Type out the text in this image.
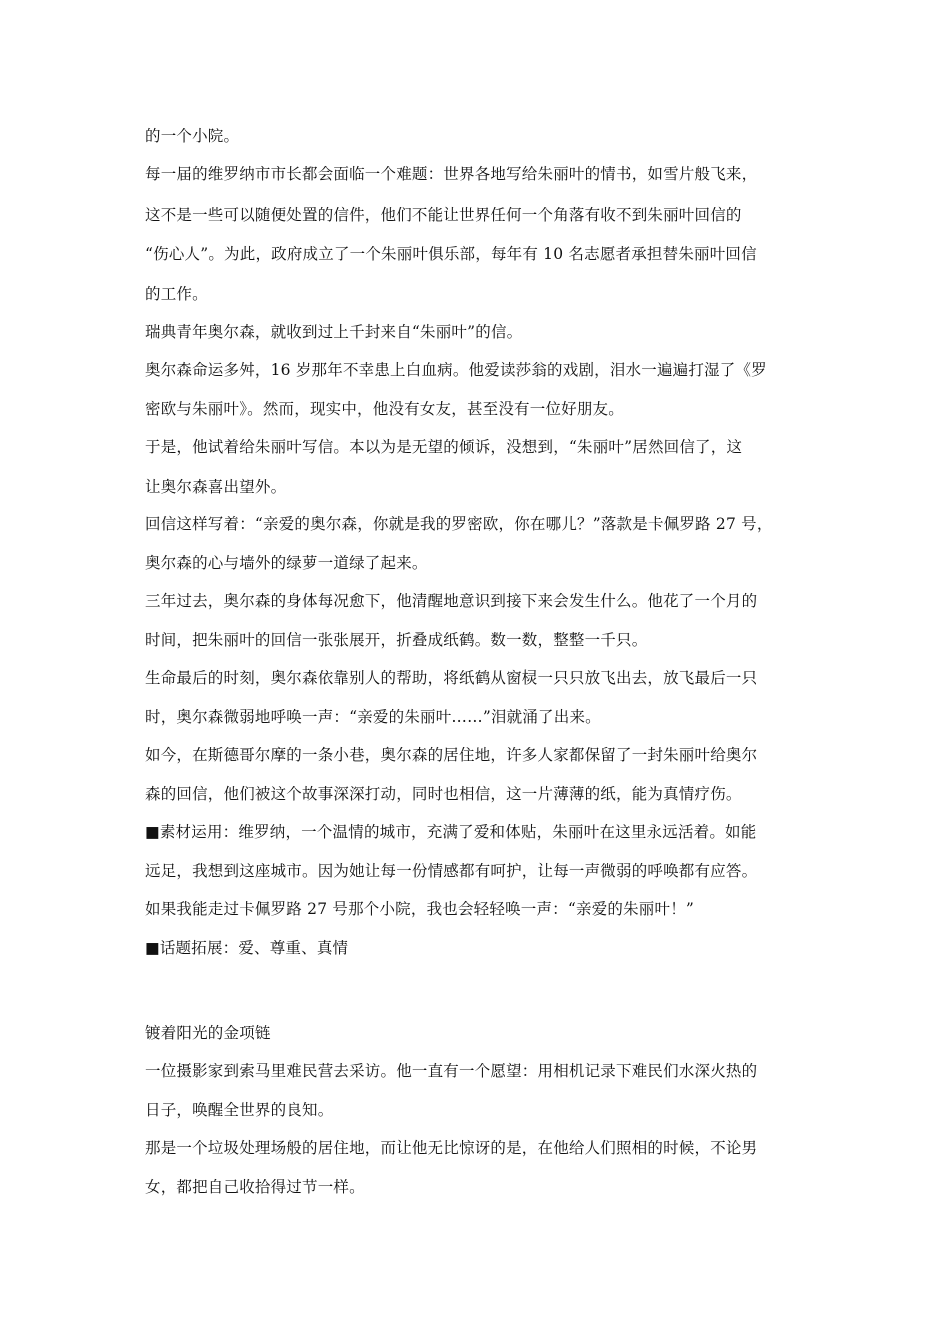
的一个小院。
每一届的维罗纳市市长都会面临一个难题：世界各地写给朱丽叶的情书，如雪片般飞来，
这不是一些可以随便处置的信件，他们不能让世界任何一个角落有收不到朱丽叶回信的
“伤心人”。为此，政府成立了一个朱丽叶俱乐部，每年有 10 名志愿者承担替朱丽叶回信
的工作。
瑞典青年奥尔森，就收到过上千封来自“朱丽叶”的信。
奥尔森命运多舛，16 岁那年不幸患上白血病。他爱读莎翁的戏剧，泪水一遍遍打湿了《罗
密欧与朱丽叶》。然而，现实中，他没有女友，甚至没有一位好朋友。
于是，他试着给朱丽叶写信。本以为是无望的倾诉，没想到，“朱丽叶”居然回信了，这
让奥尔森喜出望外。
回信这样写着：“亲爱的奥尔森，你就是我的罗密欧，你在哪儿？”落款是卡佩罗路 27 号，
奥尔森的心与墙外的绿萝一道绿了起来。
三年过去，奥尔森的身体每况愈下，他清醒地意识到接下来会发生什么。他花了一个月的
时间，把朱丽叶的回信一张张展开，折叠成纸鹤。数一数，整整一千只。
生命最后的时刻，奥尔森依靠别人的帮助，将纸鹤从窗棂一只只放飞出去，放飞最后一只
时，奥尔森微弱地呼唤一声：“亲爱的朱丽叶……”泪就涌了出来。
如今，在斯德哥尔摩的一条小巷，奥尔森的居住地，许多人家都保留了一封朱丽叶给奥尔
森的回信，他们被这个故事深深打动，同时也相信，这一片薄薄的纸，能为真情疗伤。
■素材运用：维罗纳，一个温情的城市，充满了爱和体贴，朱丽叶在这里永远活着。如能
远足，我想到这座城市。因为她让每一份情感都有呵护，让每一声微弱的呼唤都有应答。
如果我能走过卡佩罗路 27 号那个小院，我也会轻轻唤一声：“亲爱的朱丽叶！”
■话题拓展：爱、尊重、真情
镀着阳光的金项链
一位摄影家到索马里难民营去采访。他一直有一个愿望：用相机记录下难民们水深火热的
日子，唤醒全世界的良知。
那是一个垃圾处理场般的居住地，而让他无比惊讶的是，在他给人们照相的时候，不论男
女，都把自己收拾得过节一样。
